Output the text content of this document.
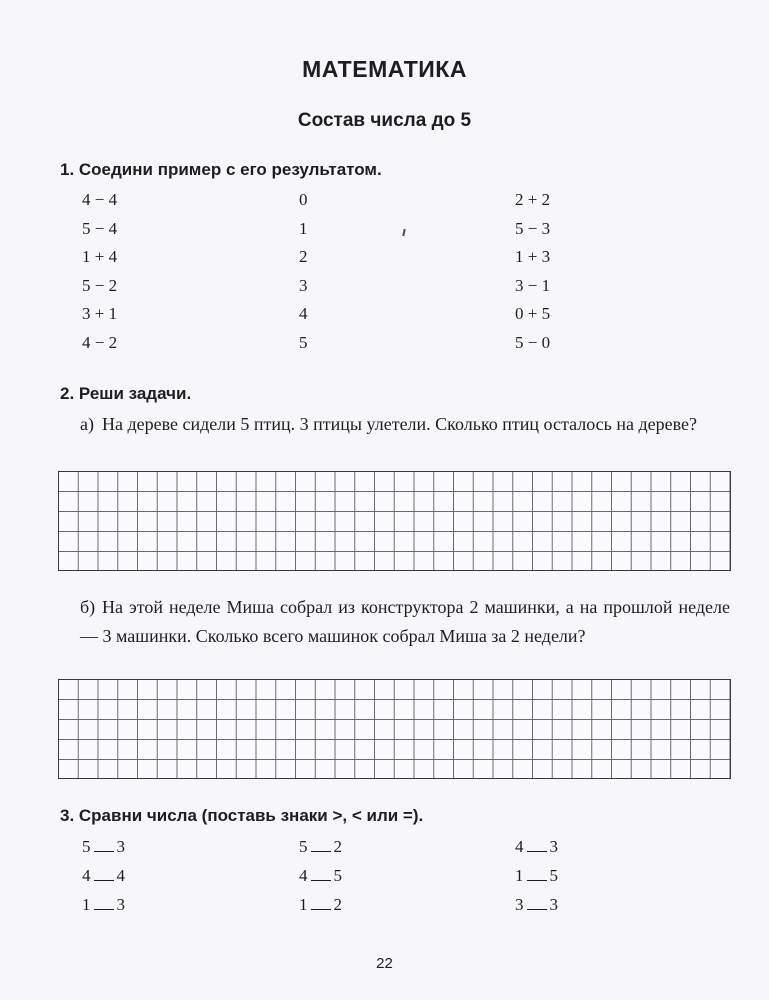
МАТЕМАТИКА
Состав числа до 5
1. Соедини пример с его результатом.
4 − 4
5 − 4
1 + 4
5 − 2
3 + 1
4 − 2
0
1
2
3
4
5
2 + 2
5 − 3
1 + 3
3 − 1
0 + 5
5 − 0
2. Реши задачи.
а) На дереве сидели 5 птиц. 3 птицы улетели. Сколько птиц осталось на дереве?
б) На этой неделе Миша собрал из конструктора 2 машинки, а на прошлой неделе — 3 машинки. Сколько всего машинок собрал Миша за 2 недели?
3. Сравни числа (поставь знаки >, < или =).
5 3
4 4
1 3
5 2
4 5
1 2
4 3
1 5
3 3
22
